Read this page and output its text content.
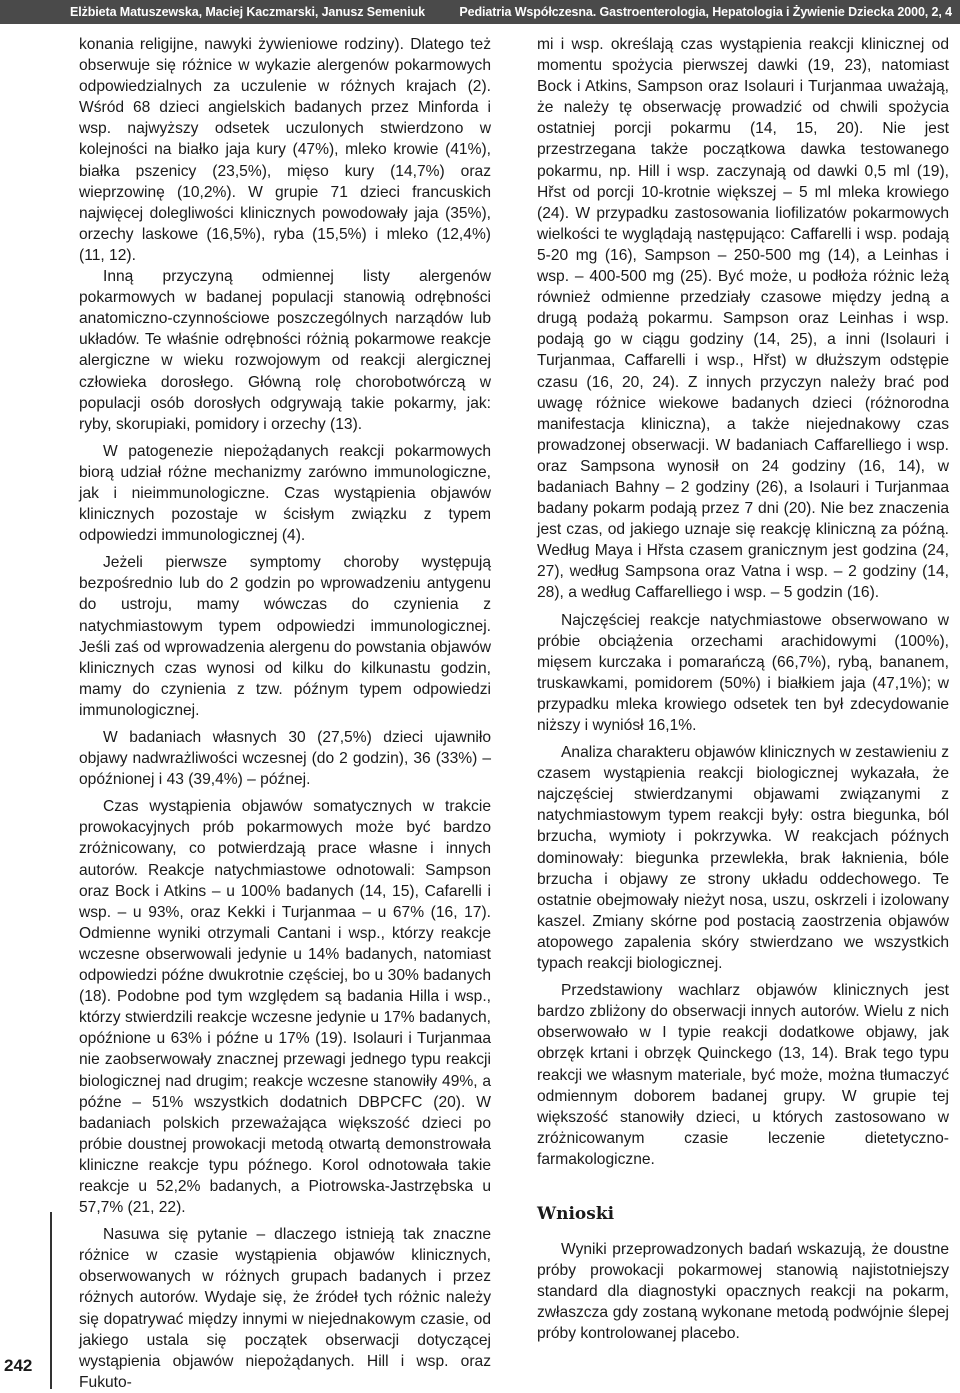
Elżbieta Matuszewska, Maciej Kaczmarski, Janusz Semeniuk	Pediatria Współczesna. Gastroenterologia, Hepatologia i Żywienie Dziecka 2000, 2, 4
242

konania religijne, nawyki żywieniowe rodziny). Dlatego też obserwuje się różnice w wykazie alergenów pokarmowych odpowiedzialnych za uczulenie w różnych krajach (2). Wśród 68 dzieci angielskich badanych przez Minforda i wsp. najwyższy odsetek uczulonych stwierdzono w kolejności na białko jaja kury (47%), mleko krowie (41%), białka pszenicy (23,5%), mięso kury (14,7%) oraz wieprzowinę (10,2%). W grupie 71 dzieci francuskich najwięcej dolegliwości klinicznych powodowały jaja (35%), orzechy laskowe (16,5%), ryba (15,5%) i mleko (12,4%) (11, 12).

Inną przyczyną odmiennej listy alergenów pokarmowych w badanej populacji stanowią odrębności anatomiczno-czynnościowe poszczególnych narządów lub układów. Te właśnie odrębności różnią pokarmowe reakcje alergiczne w wieku rozwojowym od reakcji alergicznej człowieka dorosłego. Główną rolę chorobotwórczą w populacji osób dorosłych odgrywają takie pokarmy, jak: ryby, skorupiaki, pomidory i orzechy (13).

W patogenezie niepożądanych reakcji pokarmowych biorą udział różne mechanizmy zarówno immunologiczne, jak i nieimmunologiczne. Czas wystąpienia objawów klinicznych pozostaje w ścisłym związku z typem odpowiedzi immunologicznej (4).

Jeżeli pierwsze symptomy choroby występują bezpośrednio lub do 2 godzin po wprowadzeniu antygenu do ustroju, mamy wówczas do czynienia z natychmiastowym typem odpowiedzi immunologicznej. Jeśli zaś od wprowadzenia alergenu do powstania objawów klinicznych czas wynosi od kilku do kilkunastu godzin, mamy do czynienia z tzw. późnym typem odpowiedzi immunologicznej.

W badaniach własnych 30 (27,5%) dzieci ujawniło objawy nadwrażliwości wczesnej (do 2 godzin), 36 (33%) – opóźnionej i 43 (39,4%) – późnej.

Czas wystąpienia objawów somatycznych w trakcie prowokacyjnych prób pokarmowych może być bardzo zróżnicowany, co potwierdzają prace własne i innych autorów. Reakcje natychmiastowe odnotowali: Sampson oraz Bock i Atkins – u 100% badanych (14, 15), Cafarelli i wsp. – u 93%, oraz Kekki i Turjanmaa – u 67% (16, 17). Odmienne wyniki otrzymali Cantani i wsp., którzy reakcje wczesne obserwowali jedynie u 14% badanych, natomiast odpowiedzi późne dwukrotnie częściej, bo u 30% badanych (18). Podobne pod tym względem są badania Hilla i wsp., którzy stwierdzili reakcje wczesne jedynie u 17% badanych, opóźnione u 63% i późne u 17% (19). Isolauri i Turjanmaa nie zaobserwowały znacznej przewagi jednego typu reakcji biologicznej nad drugim; reakcje wczesne stanowiły 49%, a późne – 51% wszystkich dodatnich DBPCFC (20). W badaniach polskich przeważająca większość dzieci po próbie doustnej prowokacji metodą otwartą demonstrowała kliniczne reakcje typu późnego. Korol odnotowała takie reakcje u 52,2% badanych, a Piotrowska-Jastrzębska u 57,7% (21, 22).

Nasuwa się pytanie – dlaczego istnieją tak znaczne różnice w czasie wystąpienia objawów klinicznych, obserwowanych w różnych grupach badanych i przez różnych autorów. Wydaje się, że źródeł tych różnic należy się dopatrywać między innymi w niejednakowym czasie, od jakiego ustala się początek obserwacji dotyczącej wystąpienia objawów niepożądanych. Hill i wsp. oraz Fukuto-

mi i wsp. określają czas wystąpienia reakcji klinicznej od momentu spożycia pierwszej dawki (19, 23), natomiast Bock i Atkins, Sampson oraz Isolauri i Turjanmaa uważają, że należy tę obserwację prowadzić od chwili spożycia ostatniej porcji pokarmu (14, 15, 20). Nie jest przestrzegana także początkowa dawka testowanego pokarmu, np. Hill i wsp. zaczynają od dawki 0,5 ml (19), Hřst od porcji 10-krotnie większej – 5 ml mleka krowiego (24). W przypadku zastosowania liofilizatów pokarmowych wielkości te wyglądają następująco: Caffarelli i wsp. podają 5-20 mg (16), Sampson – 250-500 mg (14), a Leinhas i wsp. – 400-500 mg (25). Być może, u podłoża różnic leżą również odmienne przedziały czasowe między jedną a drugą podażą pokarmu. Sampson oraz Leinhas i wsp. podają go w ciągu godziny (14, 25), a inni (Isolauri i Turjanmaa, Caffarelli i wsp., Hřst) w dłuższym odstępie czasu (16, 20, 24). Z innych przyczyn należy brać pod uwagę różnice wiekowe badanych dzieci (różnorodna manifestacja kliniczna), a także niejednakowy czas prowadzonej obserwacji. W badaniach Caffarelliego i wsp. oraz Sampsona wynosił on 24 godziny (16, 14), w badaniach Bahny – 2 godziny (26), a Isolauri i Turjanmaa badany pokarm podają przez 7 dni (20). Nie bez znaczenia jest czas, od jakiego uznaje się reakcję kliniczną za późną. Według Maya i Hřsta czasem granicznym jest godzina (24, 27), według Sampsona oraz Vatna i wsp. – 2 godziny (14, 28), a według Caffarelliego i wsp. – 5 godzin (16).

Najczęściej reakcje natychmiastowe obserwowano w próbie obciążenia orzechami arachidowymi (100%), mięsem kurczaka i pomarańczą (66,7%), rybą, bananem, truskawkami, pomidorem (50%) i białkiem jaja (47,1%); w przypadku mleka krowiego odsetek ten był zdecydowanie niższy i wyniósł 16,1%.

Analiza charakteru objawów klinicznych w zestawieniu z czasem wystąpienia reakcji biologicznej wykazała, że najczęściej stwierdzanymi objawami związanymi z natychmiastowym typem reakcji były: ostra biegunka, ból brzucha, wymioty i pokrzywka. W reakcjach późnych dominowały: biegunka przewlekła, brak łaknienia, bóle brzucha i objawy ze strony układu oddechowego. Te ostatnie obejmowały nieżyt nosa, uszu, oskrzeli i izolowany kaszel. Zmiany skórne pod postacią zaostrzenia objawów atopowego zapalenia skóry stwierdzano we wszystkich typach reakcji biologicznej.

Przedstawiony wachlarz objawów klinicznych jest bardzo zbliżony do obserwacji innych autorów. Wielu z nich obserwowało w I typie reakcji dodatkowe objawy, jak obrzęk krtani i obrzęk Quinckego (13, 14). Brak tego typu reakcji we własnym materiale, być może, można tłumaczyć odmiennym doborem badanej grupy. W grupie tej większość stanowiły dzieci, u których zastosowano w zróżnicowanym czasie leczenie dietetyczno-farmakologiczne.

Wnioski

Wyniki przeprowadzonych badań wskazują, że doustne próby prowokacji pokarmowej stanowią najistotniejszy standard dla diagnostyki opacznych reakcji na pokarm, zwłaszcza gdy zostaną wykonane metodą podwójnie ślepej próby kontrolowanej placebo.
